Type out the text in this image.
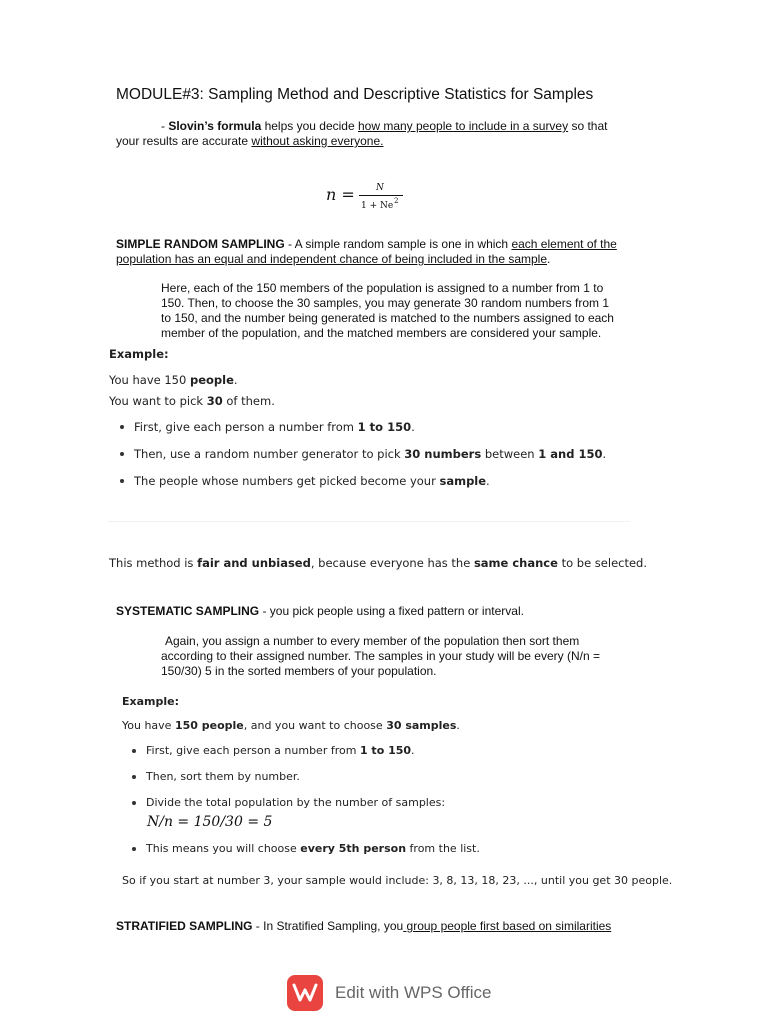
MODULE#3: Sampling Method and Descriptive Statistics for Samples
- Slovin’s formula helps you decide how many people to include in a survey so that
your results are accurate without asking everyone.
n = N
1 + Ne 2
SIMPLE RANDOM SAMPLING - A simple random sample is one in which each element of the
population has an equal and independent chance of being included in the sample.
Here, each of the 150 members of the population is assigned to a number from 1 to
150. Then, to choose the 30 samples, you may generate 30 random numbers from 1
to 150, and the number being generated is matched to the numbers assigned to each
member of the population, and the matched members are considered your sample.
Example:
You have 150 people.
You want to pick 30 of them.
First, give each person a number from 1 to 150.
Then, use a random number generator to pick 30 numbers between 1 and 150.
The people whose numbers get picked become your sample.
This method is fair and unbiased, because everyone has the same chance to be selected.
SYSTEMATIC SAMPLING - you pick people using a fixed pattern or interval.
Again, you assign a number to every member of the population then sort them
according to their assigned number. The samples in your study will be every (N/n =
150/30) 5 in the sorted members of your population.
Example:
You have 150 people, and you want to choose 30 samples.
First, give each person a number from 1 to 150.
Then, sort them by number.
Divide the total population by the number of samples:
N/n = 150/30 = 5
This means you will choose every 5th person from the list.
So if you start at number 3, your sample would include: 3, 8, 13, 18, 23, ..., until you get 30 people.
STRATIFIED SAMPLING - In Stratified Sampling, you group people first based on similarities
Edit with WPS Office
